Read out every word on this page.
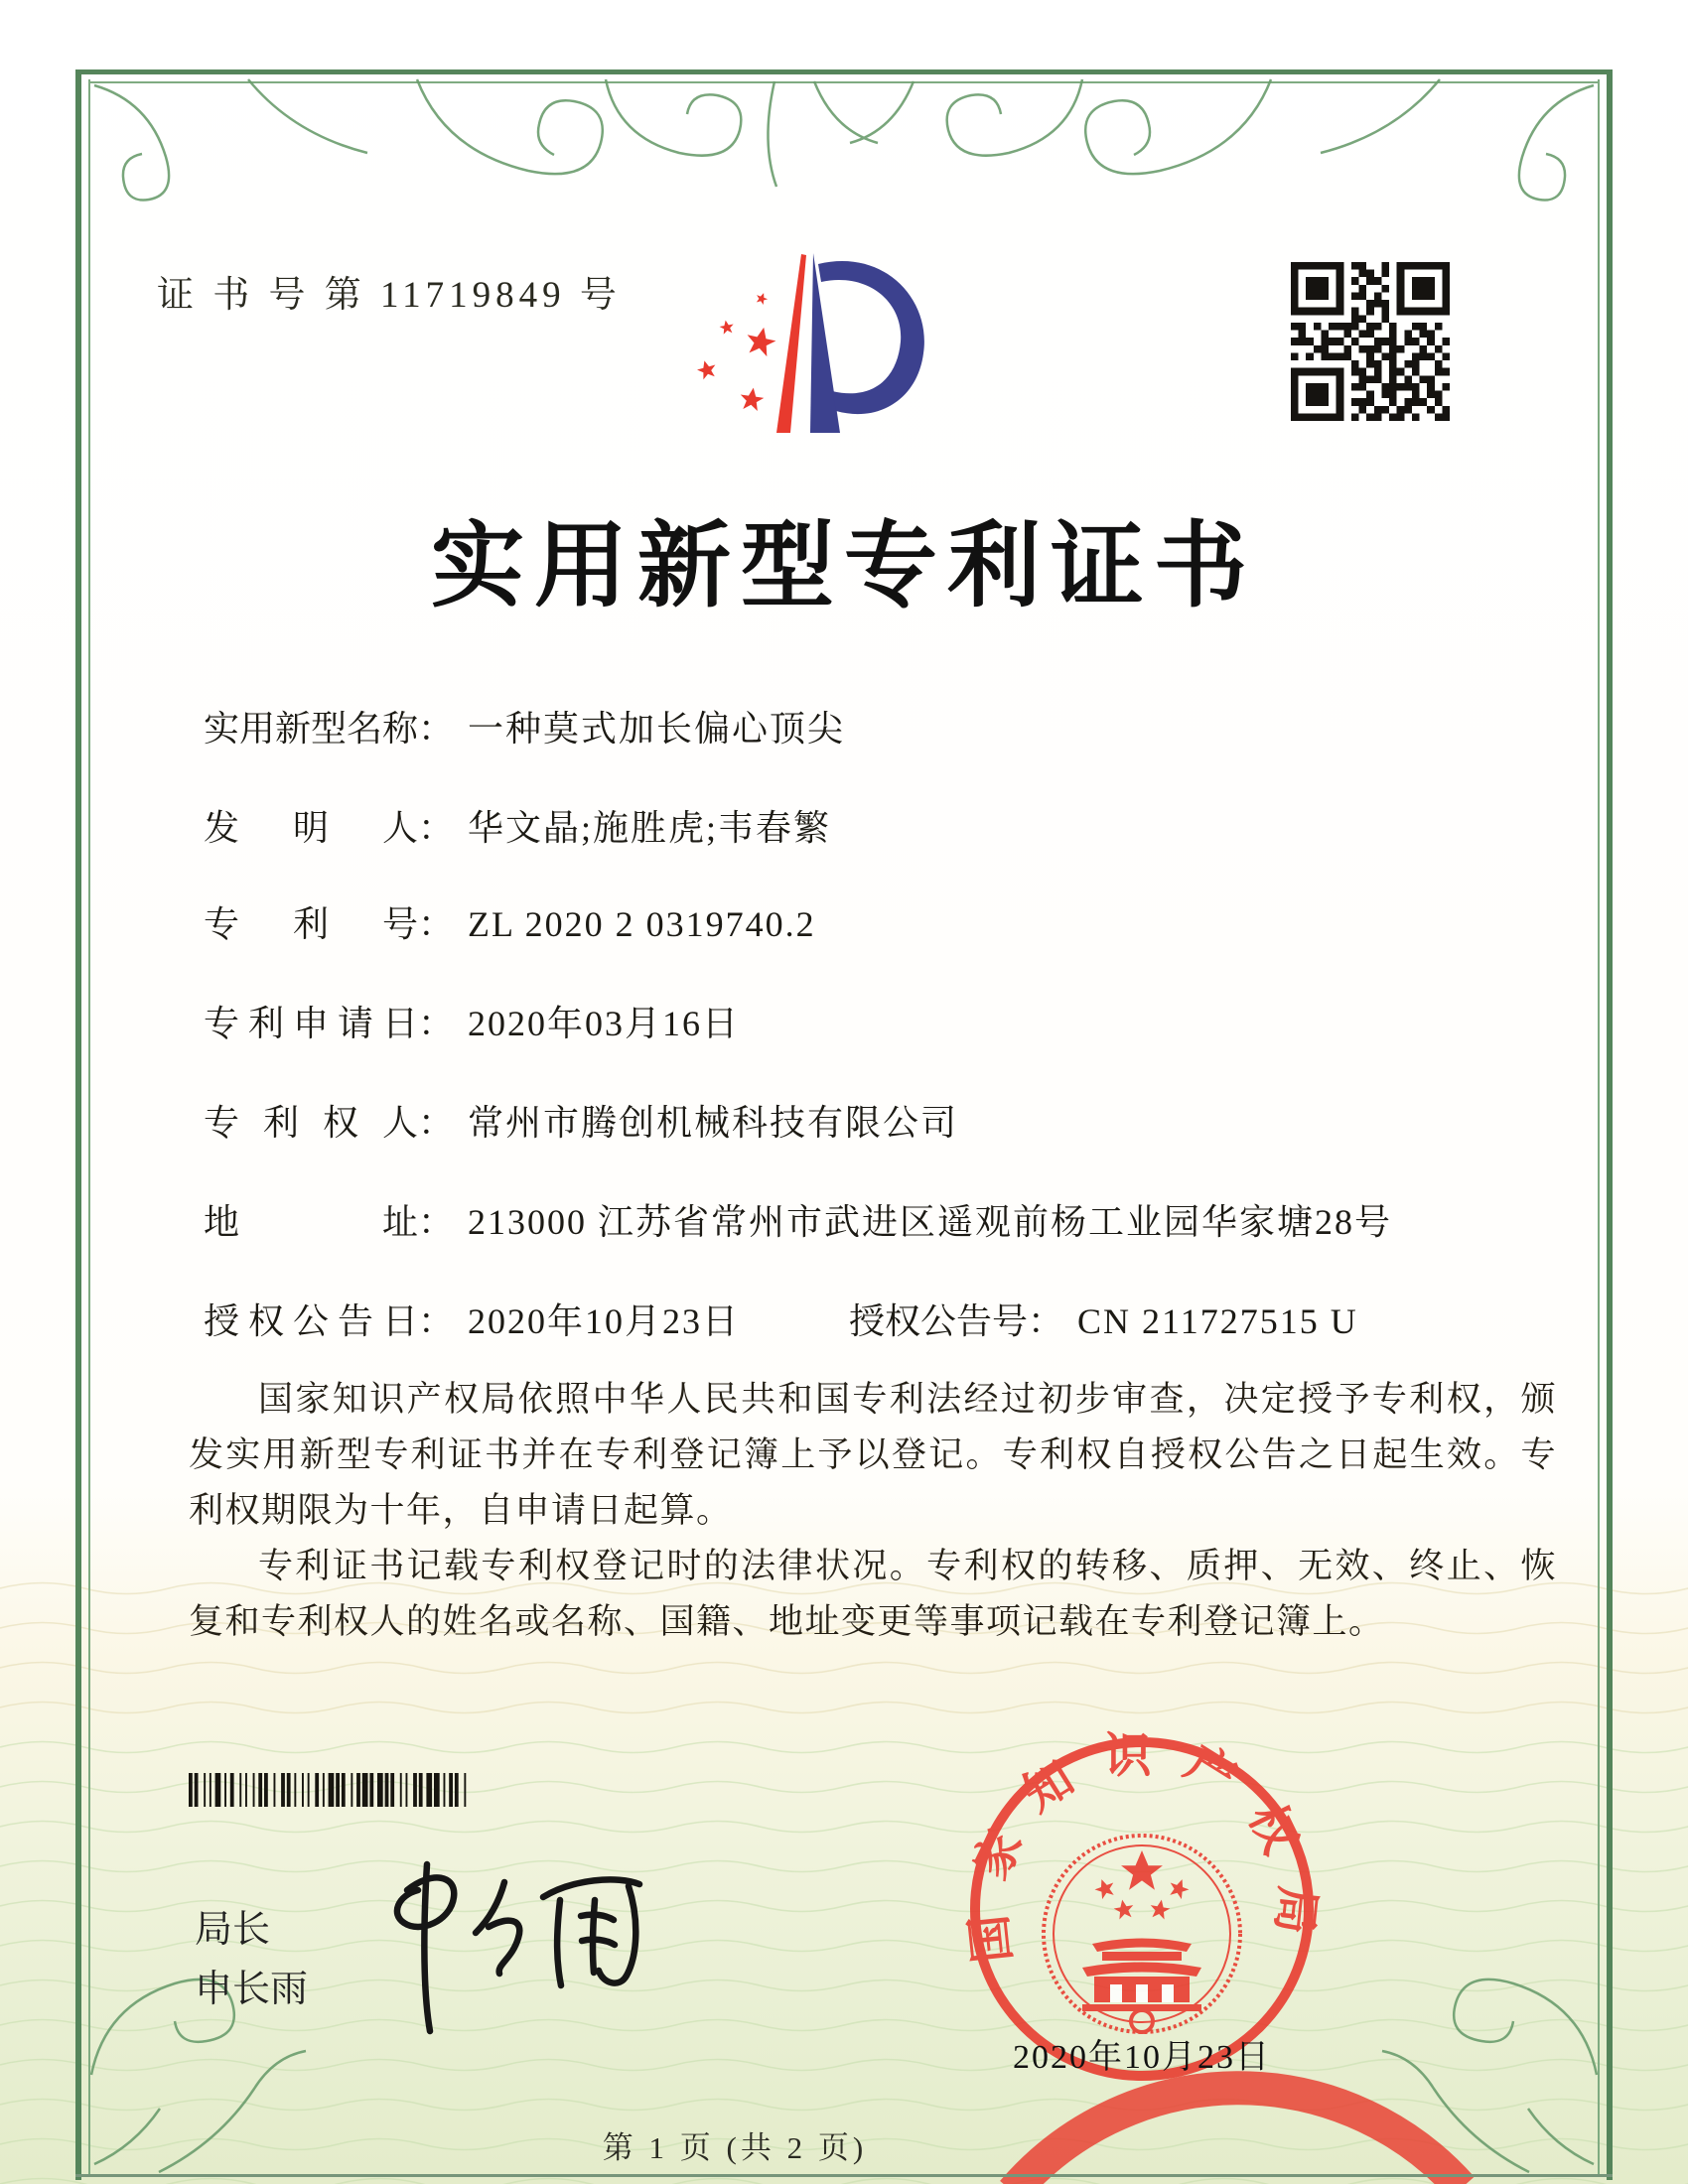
证 书 号 第 11719849 号
实用新型专利证书
实用新型名称： 一种莫式加长偏心顶尖
发明人： 华文晶;施胜虎;韦春繁
专利号： ZL 2020 2 0319740.2
专利申请日： 2020年03月16日
专利权人： 常州市腾创机械科技有限公司
地址： 213000 江苏省常州市武进区遥观前杨工业园华家塘28号
授权公告日： 2020年10月23日	授权公告号： CN 211727515 U

国家知识产权局依照中华人民共和国专利法经过初步审查，决定授予专利权，颁发实用新型专利证书并在专利登记簿上予以登记。专利权自授权公告之日起生效。专利权期限为十年，自申请日起算。

专利证书记载专利权登记时的法律状况。专利权的转移、质押、无效、终止、恢复和专利权人的姓名或名称、国籍、地址变更等事项记载在专利登记簿上。

局长
申长雨
国家知识产权局
2020年10月23日
第 1 页 (共 2 页)
